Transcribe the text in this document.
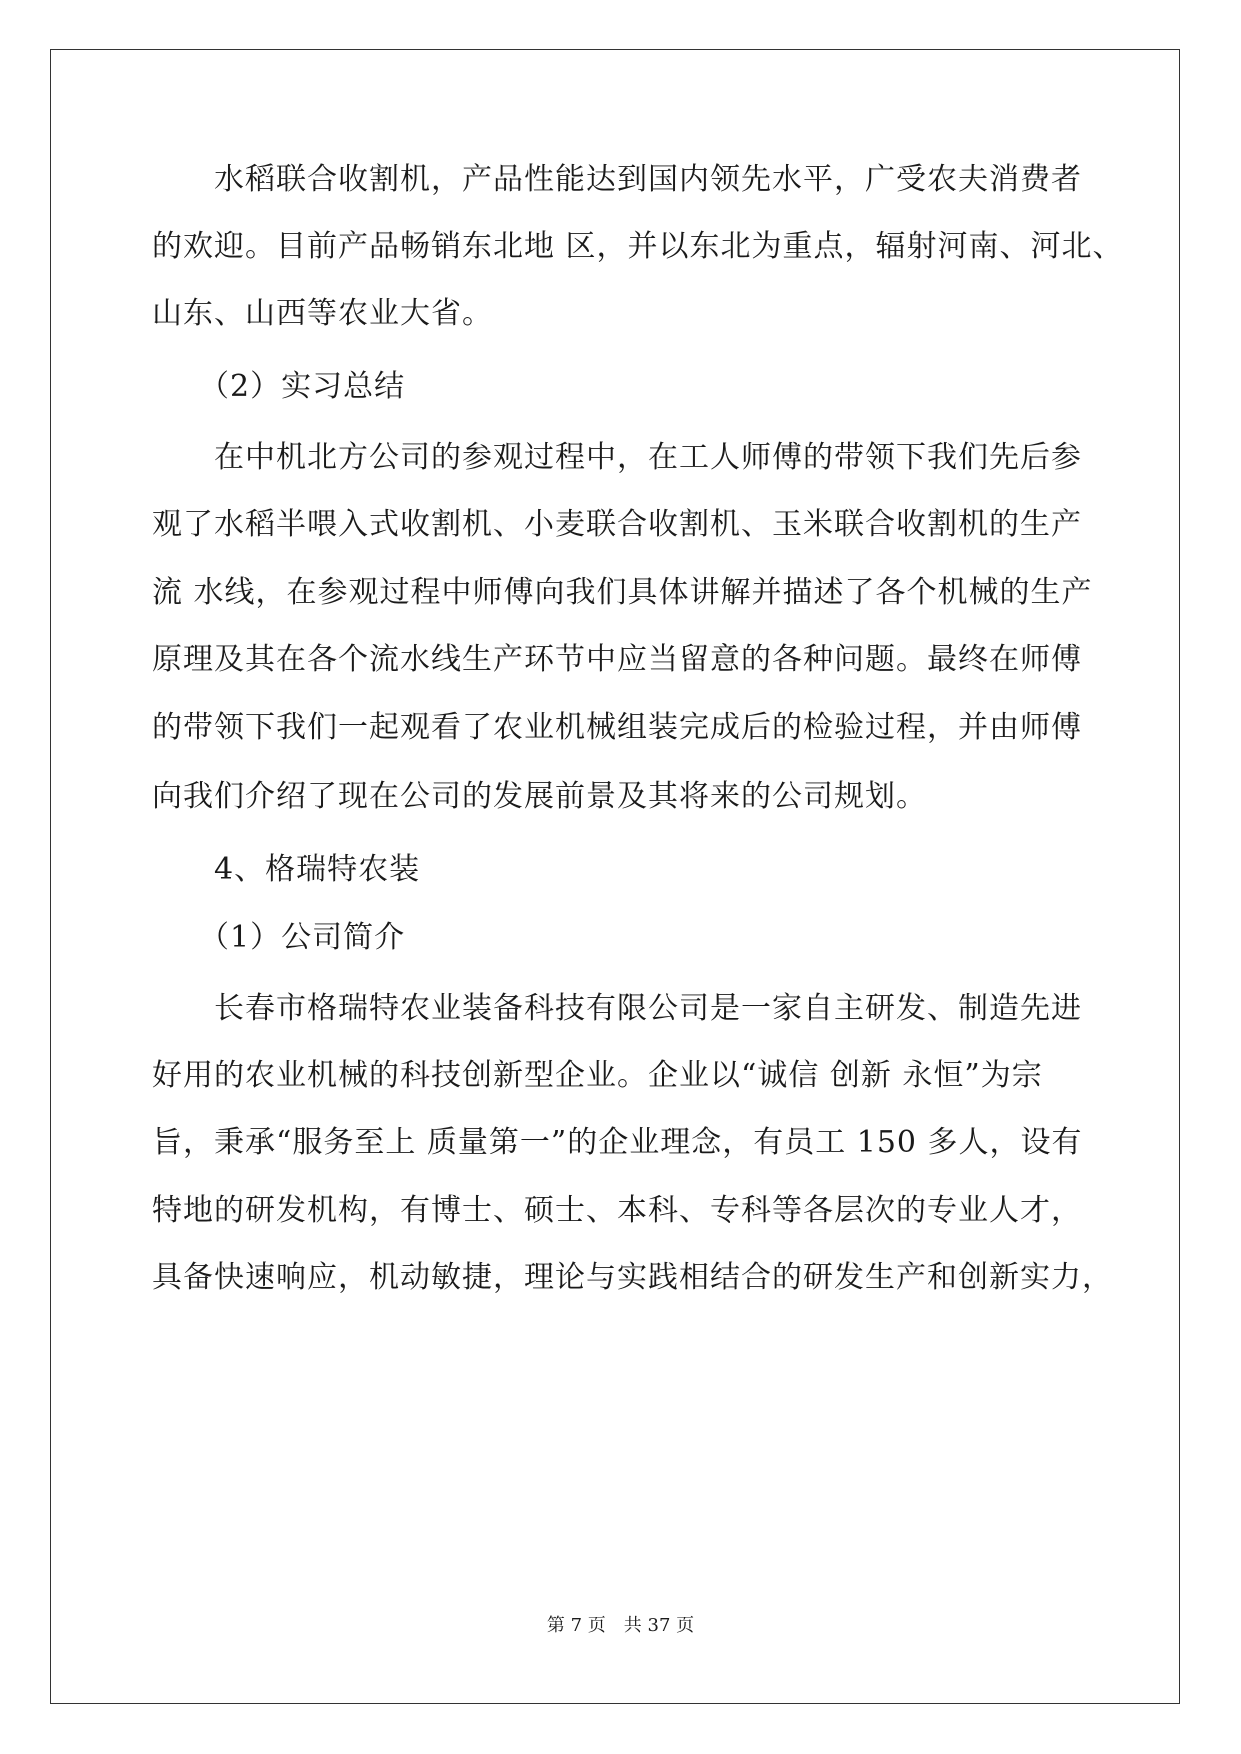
　　水稻联合收割机，产品性能达到国内领先水平，广受农夫消费者
的欢迎。目前产品畅销东北地 区，并以东北为重点，辐射河南、河北、
山东、山西等农业大省。
　　（2）实习总结
　　在中机北方公司的参观过程中，在工人师傅的带领下我们先后参
观了水稻半喂入式收割机、小麦联合收割机、玉米联合收割机的生产
流 水线，在参观过程中师傅向我们具体讲解并描述了各个机械的生产
原理及其在各个流水线生产环节中应当留意的各种问题。最终在师傅
的带领下我们一起观看了农业机械组装完成后的检验过程，并由师傅
向我们介绍了现在公司的发展前景及其将来的公司规划。
　　4、格瑞特农装
　　（1）公司简介
　　长春市格瑞特农业装备科技有限公司是一家自主研发、制造先进
好用的农业机械的科技创新型企业。企业以“诚信 创新 永恒”为宗
旨，秉承“服务至上 质量第一”的企业理念，有员工 150 多人，设有
特地的研发机构，有博士、硕士、本科、专科等各层次的专业人才，
具备快速响应，机动敏捷，理论与实践相结合的研发生产和创新实力，
第 7 页　共 37 页
